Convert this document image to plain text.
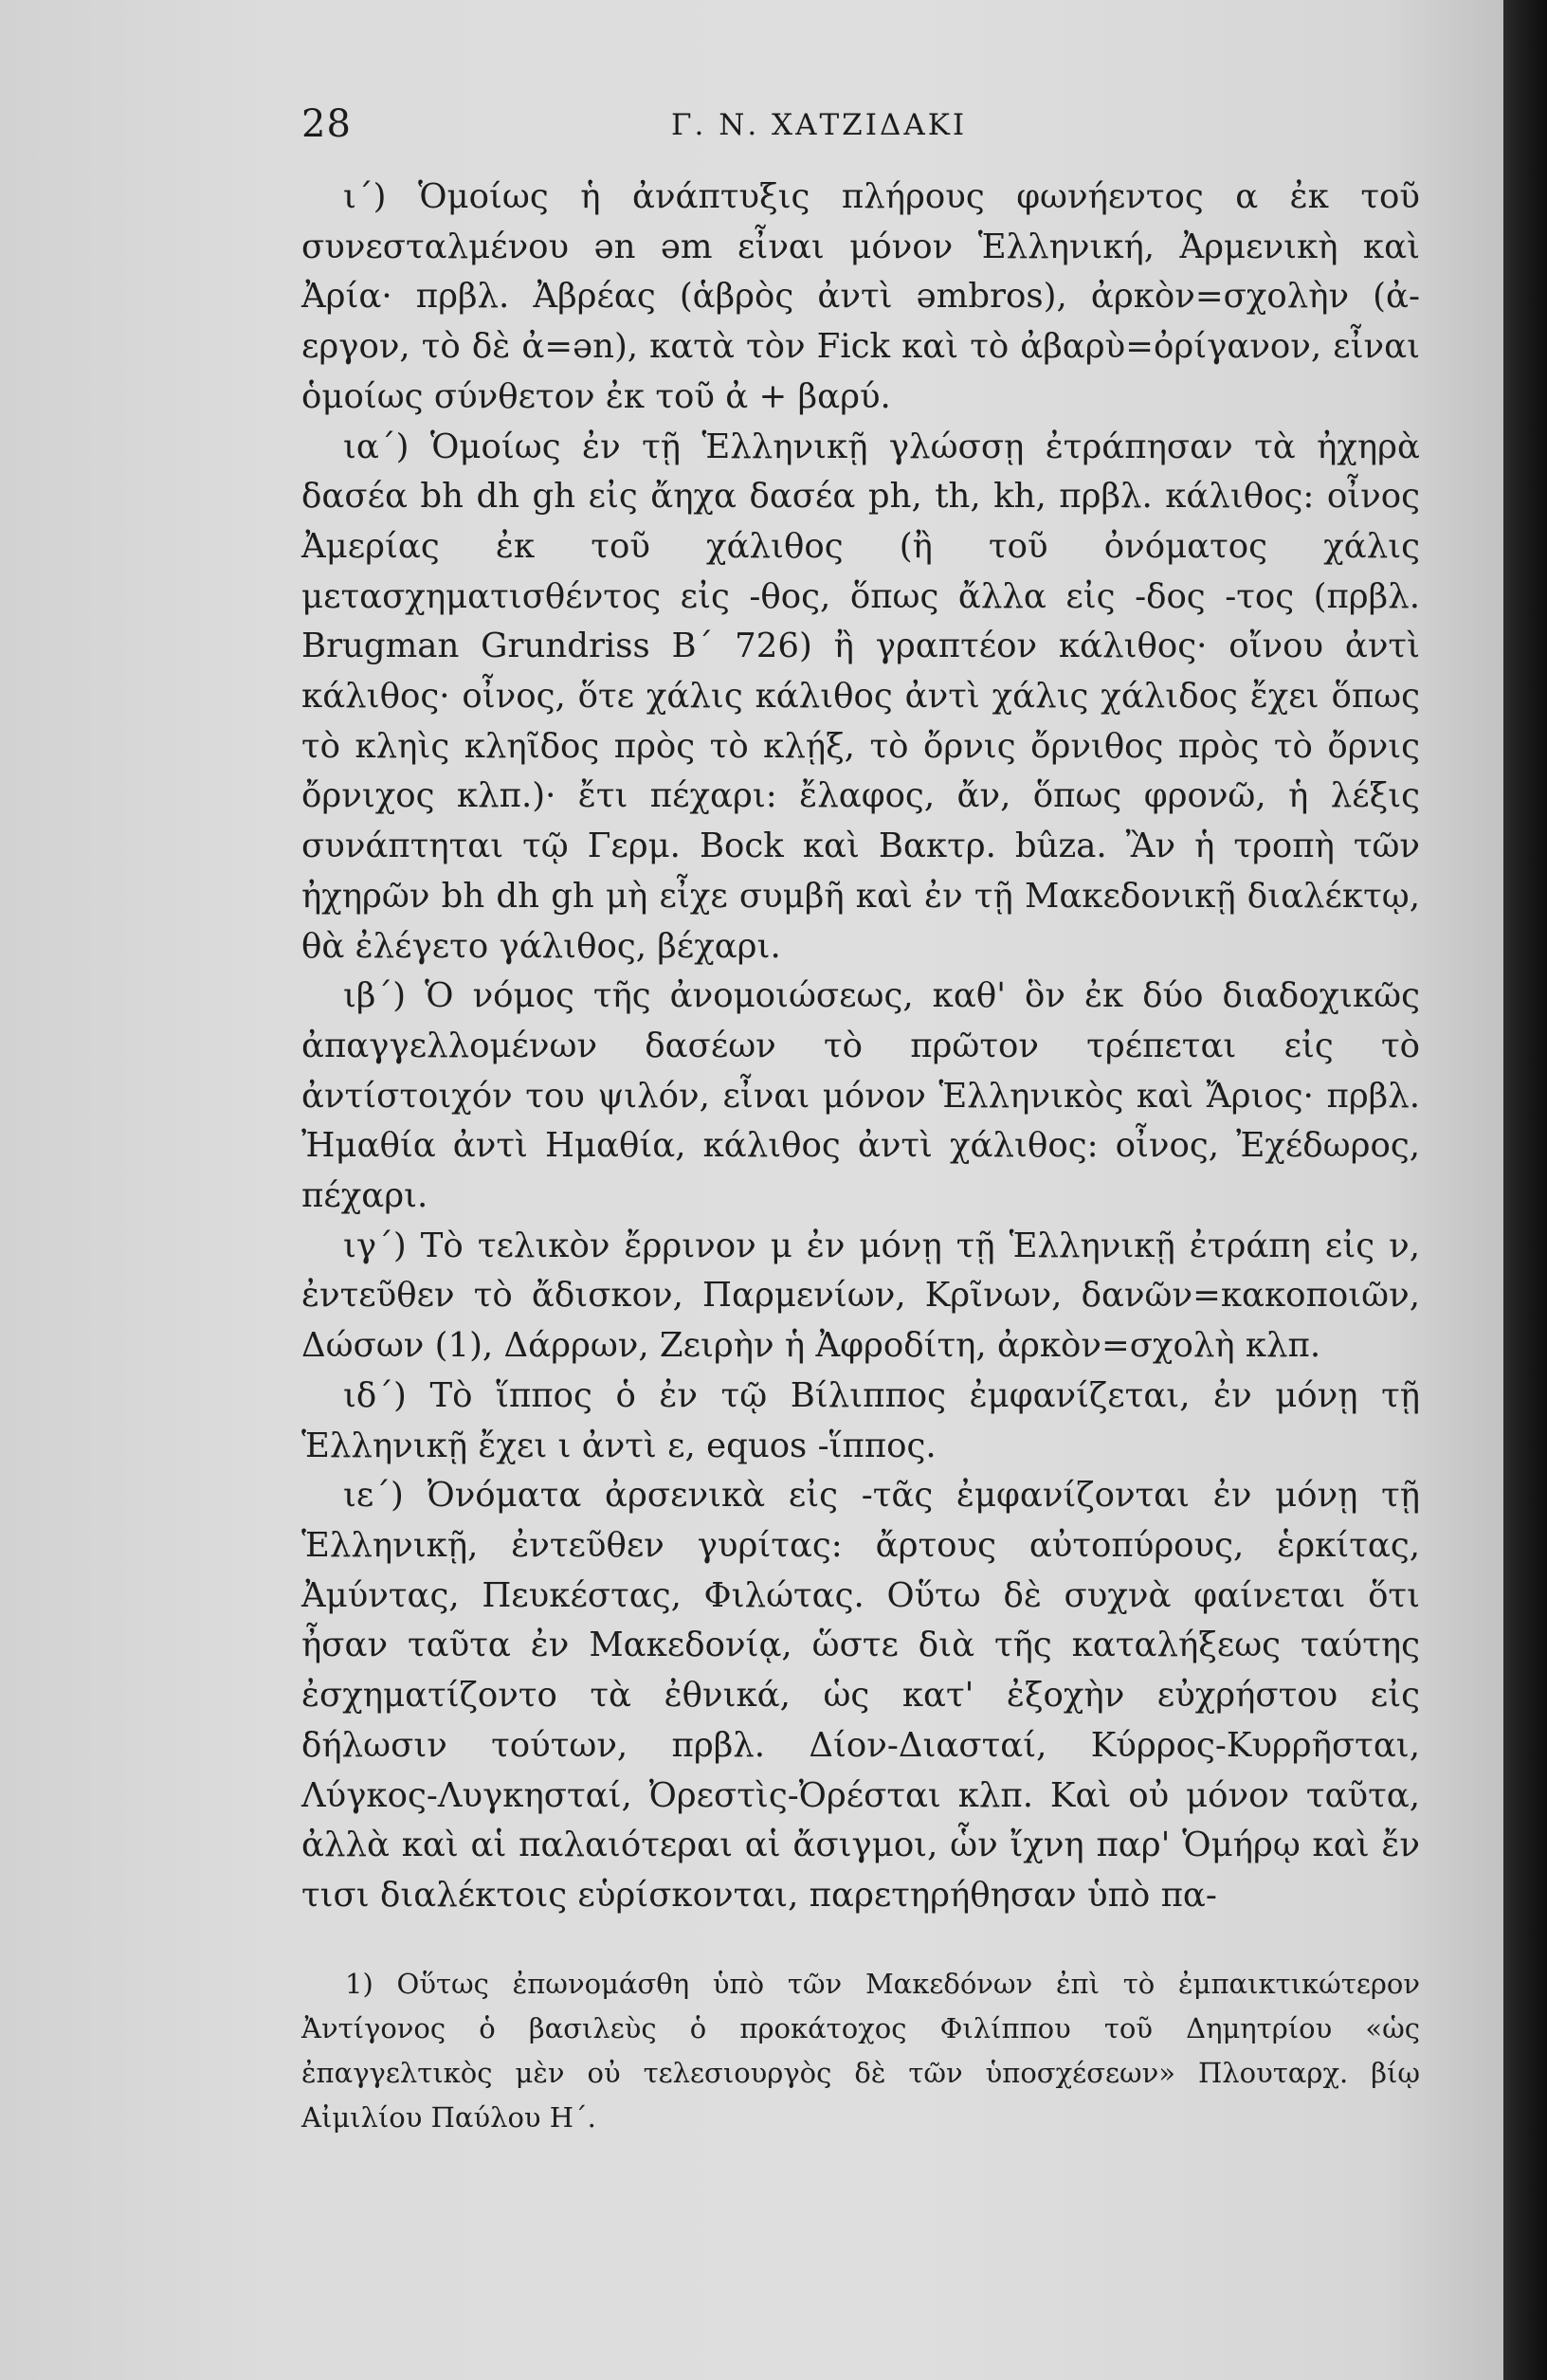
28	Γ. Ν. ΧΑΤΖΙΔΑΚΙ

ι΄) Ὁμοίως ἡ ἀνάπτυξις πλήρους φωνήεντος α ἐκ τοῦ συνεσταλμένου ən əm εἶναι μόνον Ἑλληνική, Ἀρμενικὴ καὶ Ἀρία· πρβλ. Ἀβρέας (ἁβρὸς ἀντὶ əmbros), ἀρκὸν=σχολὴν (ἀ-εργον, τὸ δὲ ἀ=ən), κατὰ τὸν Fick καὶ τὸ ἀβαρὺ=ὀρίγανον, εἶναι ὁμοίως σύνθετον ἐκ τοῦ ἀ + βαρύ.

ια΄) Ὁμοίως ἐν τῇ Ἑλληνικῇ γλώσσῃ ἐτράπησαν τὰ ἠχηρὰ δασέα bh dh gh εἰς ἄηχα δασέα ph, th, kh, πρβλ. κάλιθος: οἶνος Ἀμερίας ἐκ τοῦ χάλιθος (ἢ τοῦ ὀνόματος χάλις μετασχηματισθέντος εἰς -θος, ὅπως ἄλλα εἰς -δος -τος (πρβλ. Brugman Grundriss B΄ 726) ἢ γραπτέον κάλιθος· οἴνου ἀντὶ κάλιθος· οἶνος, ὅτε χάλις κάλιθος ἀντὶ χάλις χάλιδος ἔχει ὅπως τὸ κληὶς κληῖδος πρὸς τὸ κλῄξ, τὸ ὄρνις ὄρνιθος πρὸς τὸ ὄρνις ὄρνιχος κλπ.)· ἔτι πέχαρι: ἔλαφος, ἄν, ὅπως φρονῶ, ἡ λέξις συνάπτηται τῷ Γερμ. Bock καὶ Βακτρ. bûza. Ἂν ἡ τροπὴ τῶν ἠχηρῶν bh dh gh μὴ εἶχε συμβῆ καὶ ἐν τῇ Μακεδονικῇ διαλέκτῳ, θὰ ἐλέγετο γάλιθος, βέχαρι.

ιβ΄) Ὁ νόμος τῆς ἀνομοιώσεως, καθ' ὃν ἐκ δύο διαδοχικῶς ἀπαγγελλομένων δασέων τὸ πρῶτον τρέπεται εἰς τὸ ἀντίστοιχόν του ψιλόν, εἶναι μόνον Ἑλληνικὸς καὶ Ἄριος· πρβλ. Ἠμαθία ἀντὶ Ημαθία, κάλιθος ἀντὶ χάλιθος: οἶνος, Ἐχέδωρος, πέχαρι.

ιγ΄) Τὸ τελικὸν ἔρρινον μ ἐν μόνῃ τῇ Ἑλληνικῇ ἐτράπη εἰς ν, ἐντεῦθεν τὸ ἄδισκον, Παρμενίων, Κρῖνων, δανῶν=κακοποιῶν, Δώσων (1), Δάρρων, Ζειρὴν ἡ Ἀφροδίτη, ἀρκὸν=σχολὴ κλπ.

ιδ΄) Τὸ ἵππος ὁ ἐν τῷ Βίλιππος ἐμφανίζεται, ἐν μόνῃ τῇ Ἑλληνικῇ ἔχει ι ἀντὶ ε, equos -ἵππος.

ιε΄) Ὀνόματα ἀρσενικὰ εἰς -τᾶς ἐμφανίζονται ἐν μόνῃ τῇ Ἑλληνικῇ, ἐντεῦθεν γυρίτας: ἄρτους αὐτοπύρους, ἑρκίτας, Ἀμύντας, Πευκέστας, Φιλώτας. Οὕτω δὲ συχνὰ φαίνεται ὅτι ἦσαν ταῦτα ἐν Μακεδονίᾳ, ὥστε διὰ τῆς καταλήξεως ταύτης ἐσχηματίζοντο τὰ ἐθνικά, ὡς κατ' ἐξοχὴν εὐχρήστου εἰς δήλωσιν τούτων, πρβλ. Δίον-Διασταί, Κύρρος-Κυρρῆσται, Λύγκος-Λυγκησταί, Ὀρεστὶς-Ὀρέσται κλπ. Καὶ οὐ μόνον ταῦτα, ἀλλὰ καὶ αἱ παλαιότεραι αἱ ἄσιγμοι, ὧν ἴχνη παρ' Ὁμήρῳ καὶ ἔν τισι διαλέκτοις εὑρίσκονται, παρετηρήθησαν ὑπὸ πα-

1) Οὕτως ἐπωνομάσθη ὑπὸ τῶν Μακεδόνων ἐπὶ τὸ ἐμπαικτικώτερον Ἀντίγονος ὁ βασιλεὺς ὁ προκάτοχος Φιλίππου τοῦ Δημητρίου «ὡς ἐπαγγελτικὸς μὲν οὐ τελεσιουργὸς δὲ τῶν ὑποσχέσεων» Πλουταρχ. βίῳ Αἰμιλίου Παύλου Η΄.
